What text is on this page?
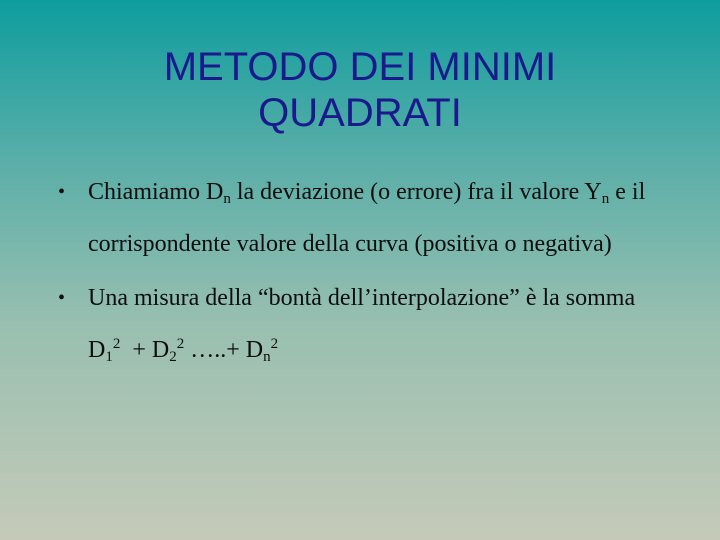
METODO DEI MINIMI
QUADRATI
• Chiamiamo $D_n$ la deviazione (o errore) fra il valore $Y_n$ e il corrispondente valore della curva (positiva o negativa)
• Una misura della “bontà dell’interpolazione” è la somma
$D_1^2 + D_2^2$ …..+ $D_n^2$
